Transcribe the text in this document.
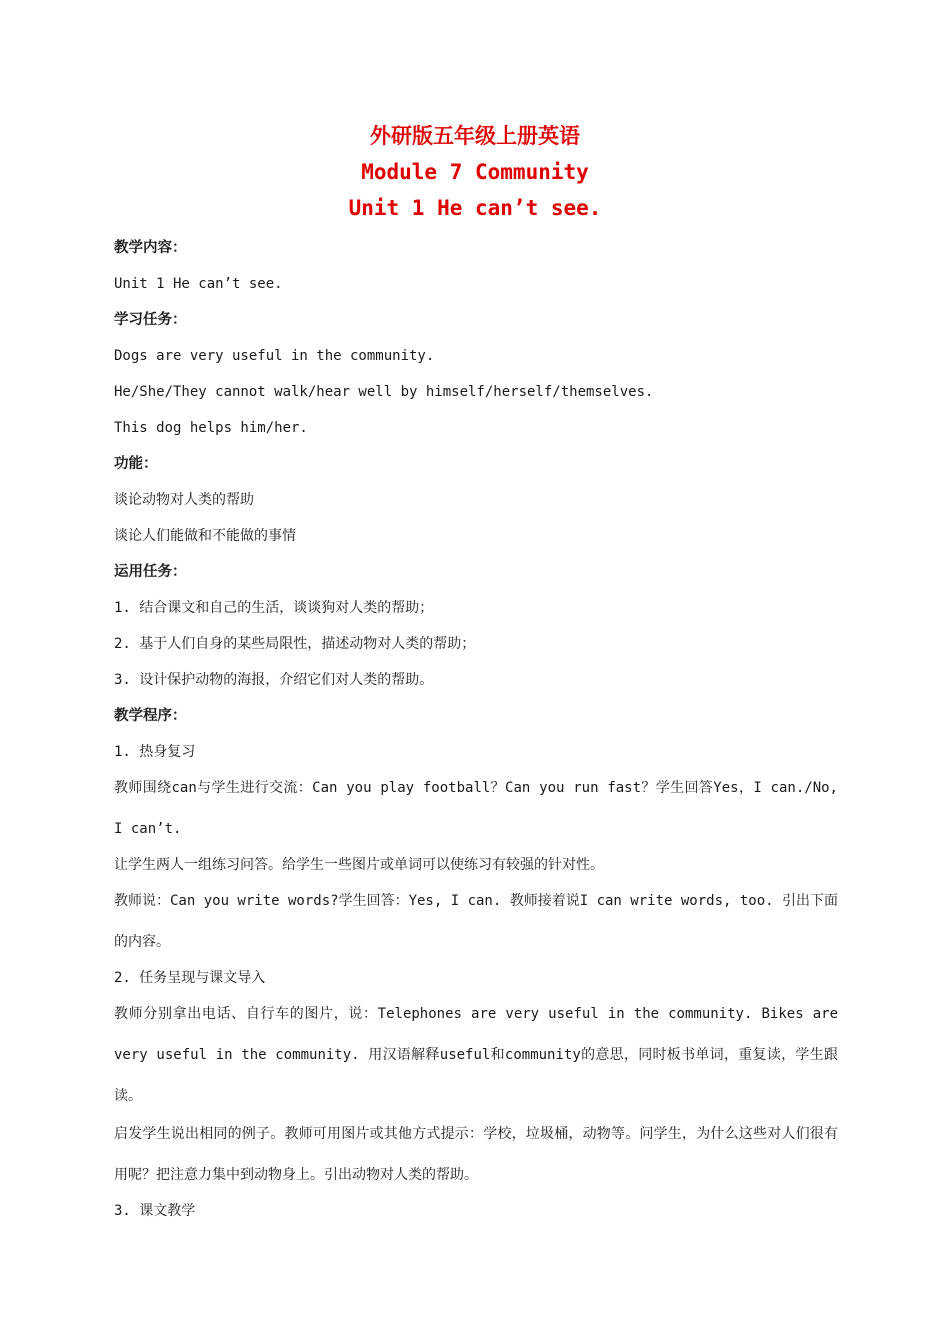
外研版五年级上册英语
Module 7 Community
Unit 1 He can’t see.
教学内容：
Unit 1 He can’t see.
学习任务：
Dogs are very useful in the community.
He/She/They cannot walk/hear well by himself/herself/themselves.
This dog helps him/her.
功能：
谈论动物对人类的帮助
谈论人们能做和不能做的事情
运用任务：
1. 结合课文和自己的生活，谈谈狗对人类的帮助；
2. 基于人们自身的某些局限性，描述动物对人类的帮助；
3. 设计保护动物的海报，介绍它们对人类的帮助。
教学程序：
1. 热身复习
教师围绕can与学生进行交流：Can you play football？Can you run fast？学生回答Yes，I can./No, I can’t.
让学生两人一组练习问答。给学生一些图片或单词可以使练习有较强的针对性。
教师说：Can you write words?学生回答：Yes, I can. 教师接着说I can write words, too. 引出下面的内容。
2. 任务呈现与课文导入
教师分别拿出电话、自行车的图片，说：Telephones are very useful in the community. Bikes are very useful in the community. 用汉语解释useful和community的意思，同时板书单词，重复读，学生跟读。
启发学生说出相同的例子。教师可用图片或其他方式提示：学校，垃圾桶，动物等。问学生，为什么这些对人们很有用呢？把注意力集中到动物身上。引出动物对人类的帮助。
3. 课文教学
